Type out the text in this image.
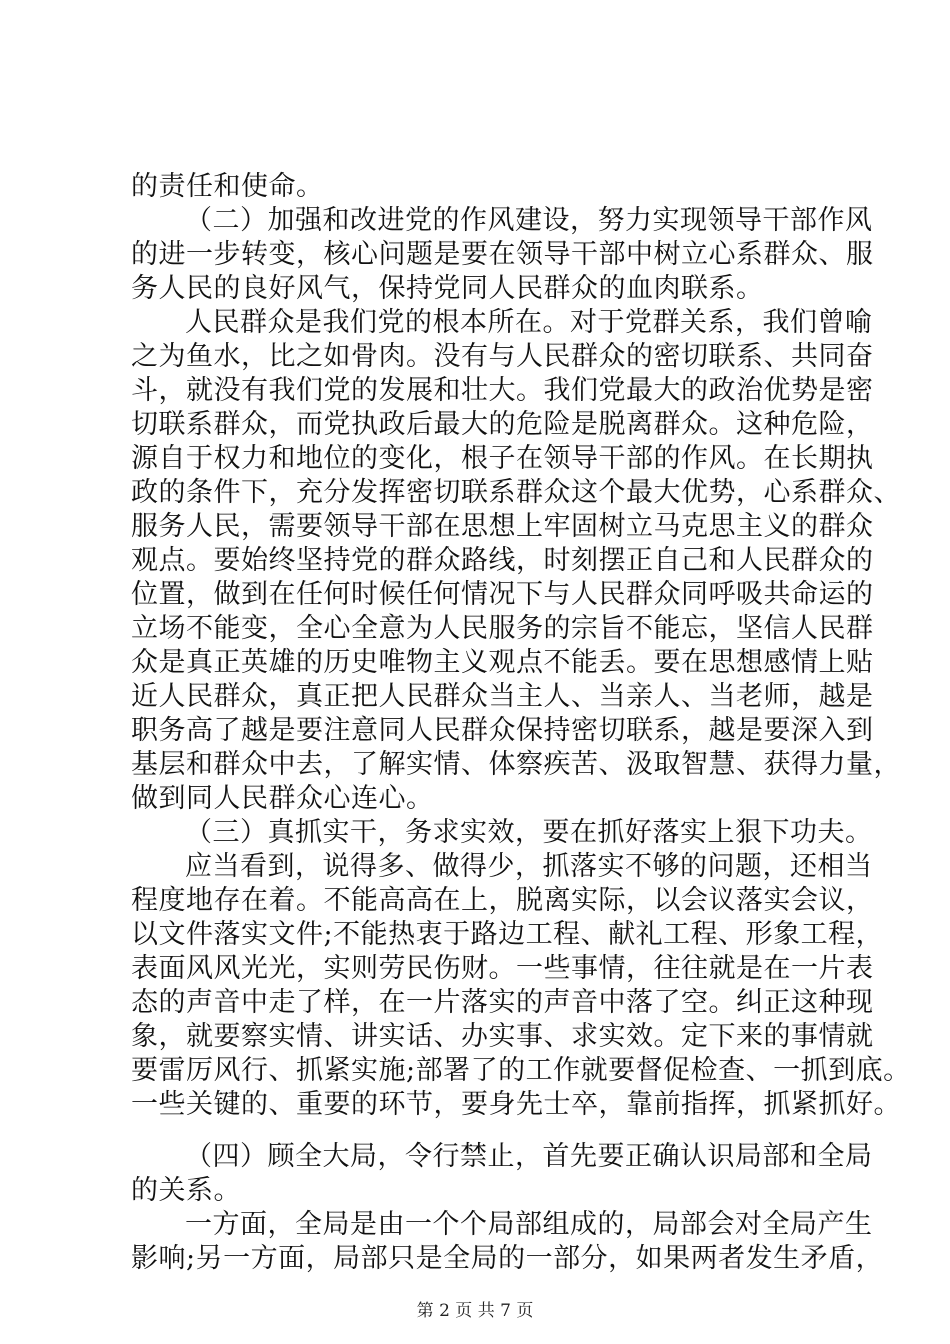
的责任和使命。
（二）加强和改进党的作风建设，努力实现领导干部作风
的进一步转变，核心问题是要在领导干部中树立心系群众、服
务人民的良好风气，保持党同人民群众的血肉联系。
人民群众是我们党的根本所在。对于党群关系，我们曾喻
之为鱼水，比之如骨肉。没有与人民群众的密切联系、共同奋
斗，就没有我们党的发展和壮大。我们党最大的政治优势是密
切联系群众，而党执政后最大的危险是脱离群众。这种危险，
源自于权力和地位的变化，根子在领导干部的作风。在长期执
政的条件下，充分发挥密切联系群众这个最大优势，心系群众、
服务人民，需要领导干部在思想上牢固树立马克思主义的群众
观点。要始终坚持党的群众路线，时刻摆正自己和人民群众的
位置，做到在任何时候任何情况下与人民群众同呼吸共命运的
立场不能变，全心全意为人民服务的宗旨不能忘，坚信人民群
众是真正英雄的历史唯物主义观点不能丢。要在思想感情上贴
近人民群众，真正把人民群众当主人、当亲人、当老师，越是
职务高了越是要注意同人民群众保持密切联系，越是要深入到
基层和群众中去，了解实情、体察疾苦、汲取智慧、获得力量，
做到同人民群众心连心。
（三）真抓实干，务求实效，要在抓好落实上狠下功夫。
应当看到，说得多、做得少，抓落实不够的问题，还相当
程度地存在着。不能高高在上，脱离实际，以会议落实会议，
以文件落实文件;不能热衷于路边工程、献礼工程、形象工程，
表面风风光光，实则劳民伤财。一些事情，往往就是在一片表
态的声音中走了样，在一片落实的声音中落了空。纠正这种现
象，就要察实情、讲实话、办实事、求实效。定下来的事情就
要雷厉风行、抓紧实施;部署了的工作就要督促检查、一抓到底。
一些关键的、重要的环节，要身先士卒，靠前指挥，抓紧抓好。
（四）顾全大局，令行禁止，首先要正确认识局部和全局
的关系。
一方面，全局是由一个个局部组成的，局部会对全局产生
影响;另一方面，局部只是全局的一部分，如果两者发生矛盾，
第 2 页 共 7 页
